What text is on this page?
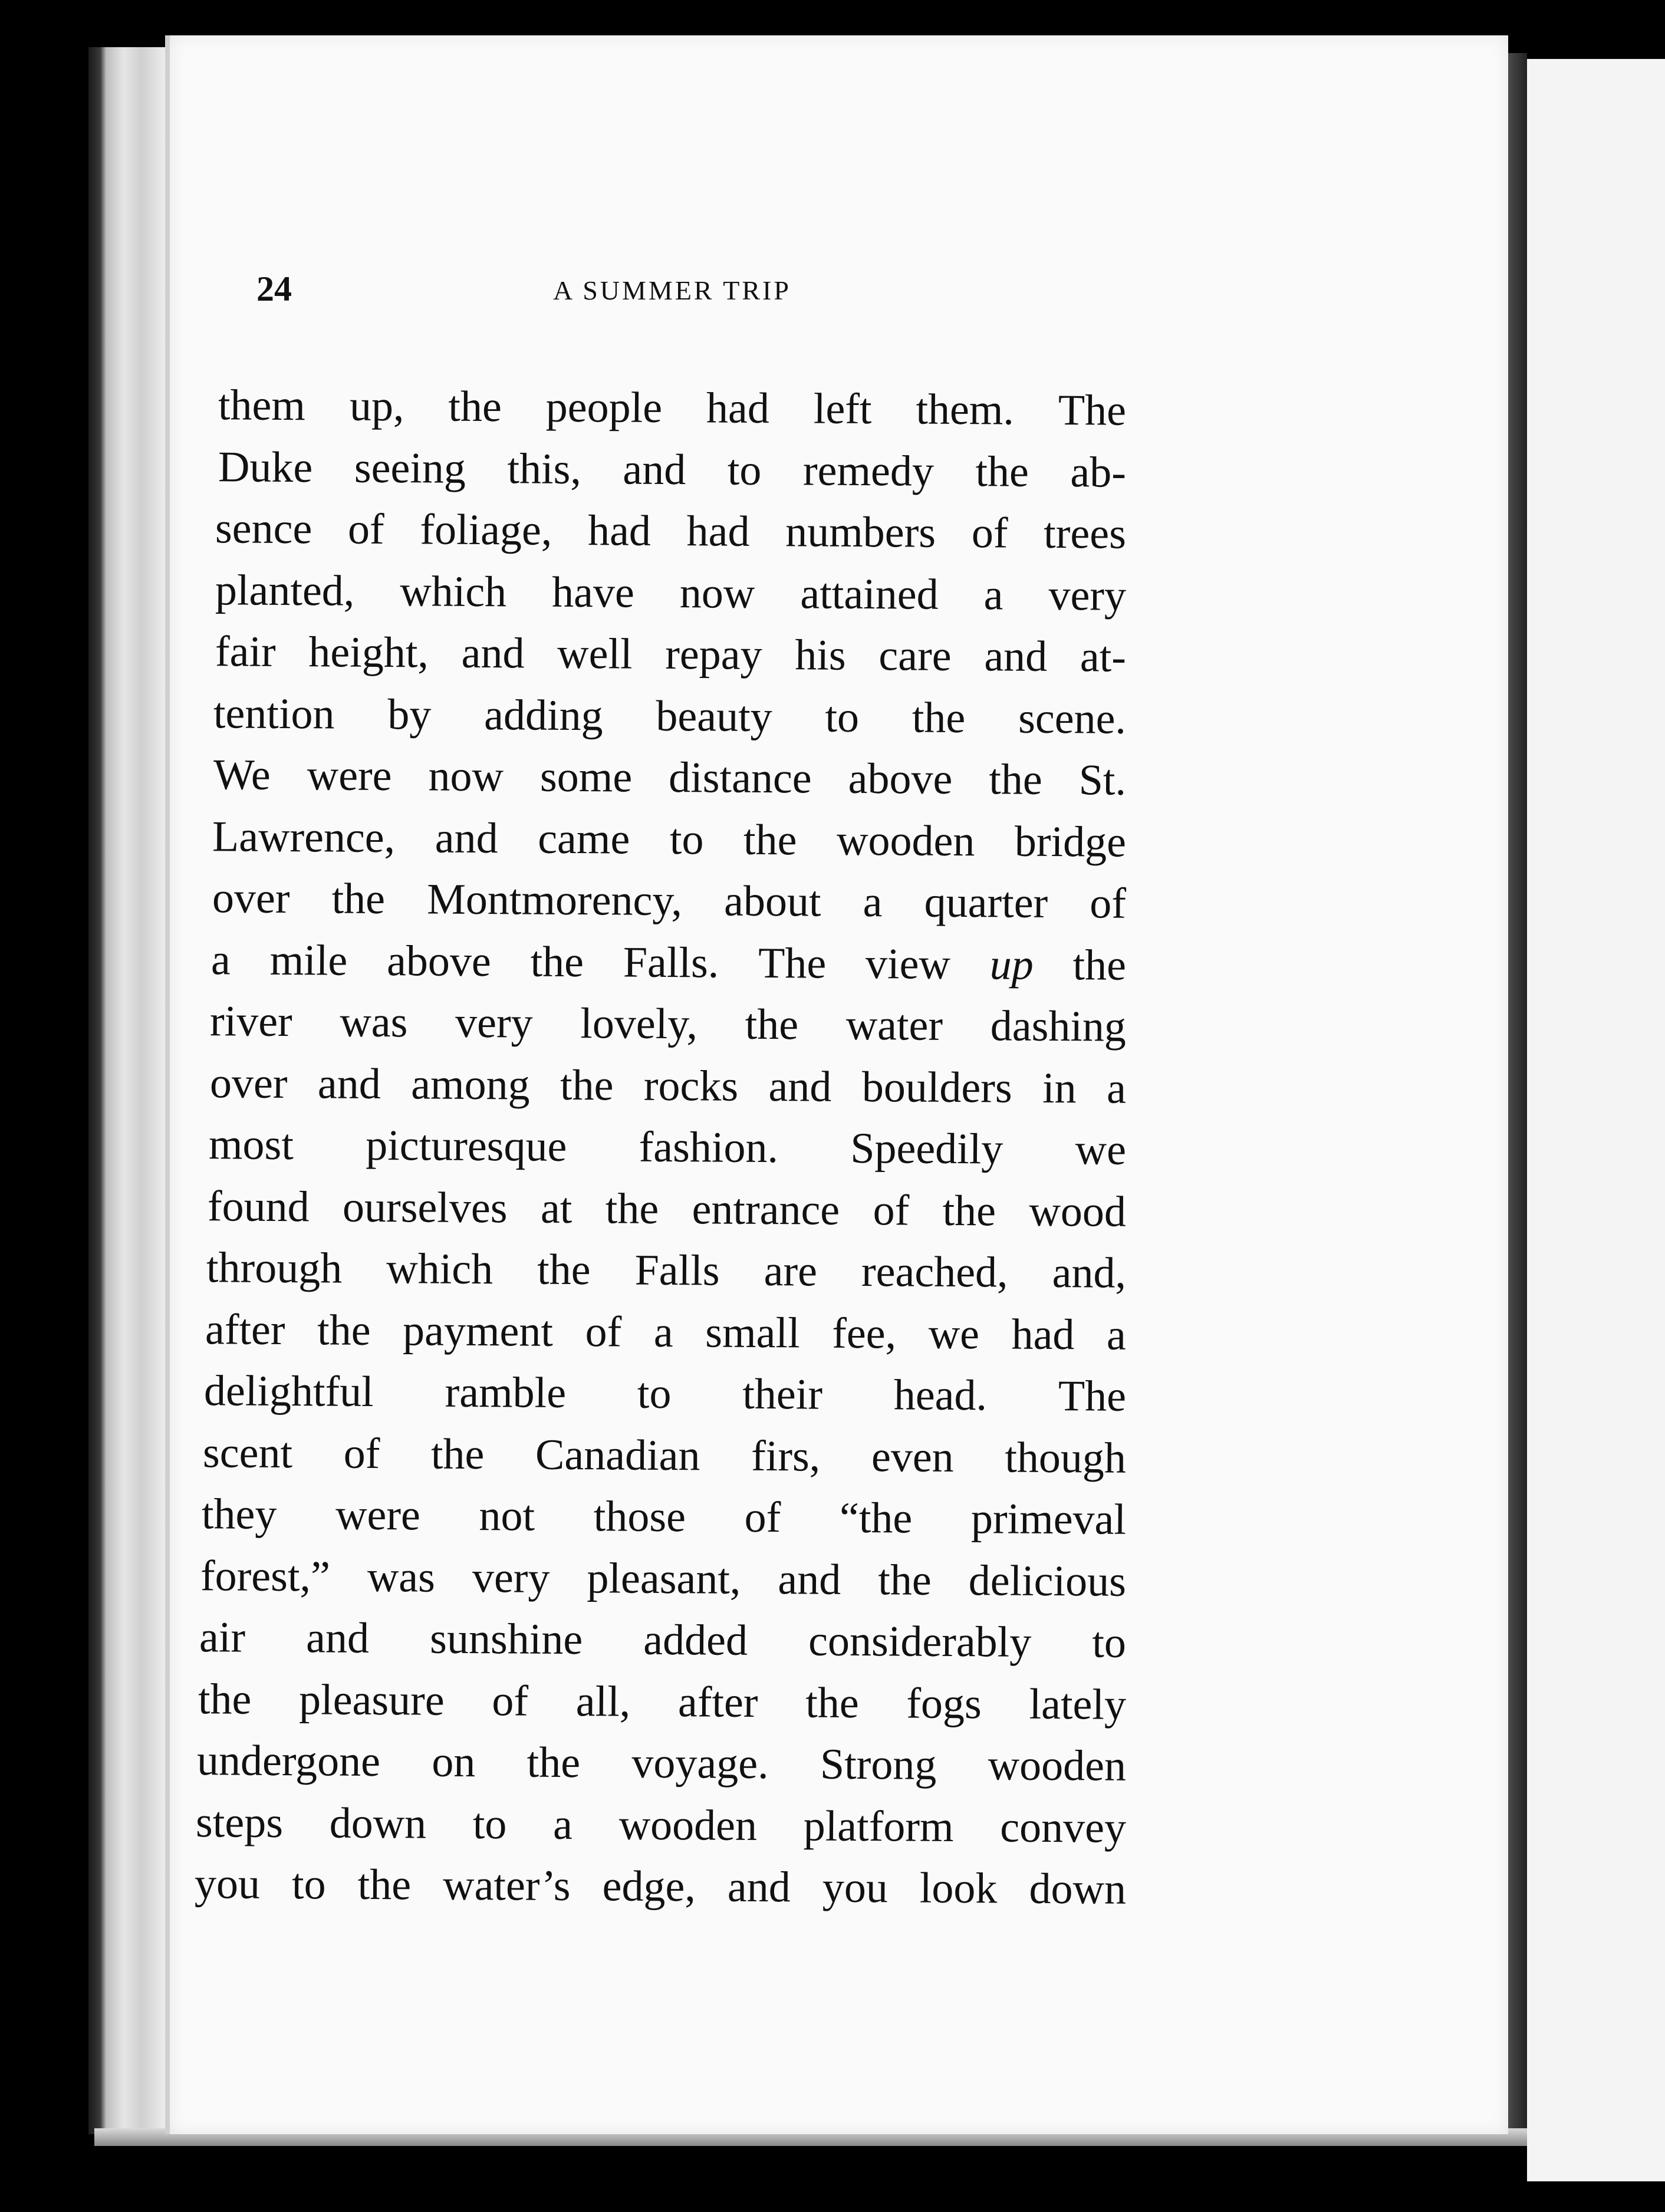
24	A SUMMER TRIP
them up, the people had left them. The
Duke seeing this, and to remedy the ab-
sence of foliage, had had numbers of trees
planted, which have now attained a very
fair height, and well repay his care and at-
tention by adding beauty to the scene.
We were now some distance above the St.
Lawrence, and came to the wooden bridge
over the Montmorency, about a quarter of
a mile above the Falls. The view up the
river was very lovely, the water dashing
over and among the rocks and boulders in a
most picturesque fashion. Speedily we
found ourselves at the entrance of the wood
through which the Falls are reached, and,
after the payment of a small fee, we had a
delightful ramble to their head. The
scent of the Canadian firs, even though
they were not those of “the primeval
forest,” was very pleasant, and the delicious
air and sunshine added considerably to
the pleasure of all, after the fogs lately
undergone on the voyage. Strong wooden
steps down to a wooden platform convey
you to the water’s edge, and you look down
